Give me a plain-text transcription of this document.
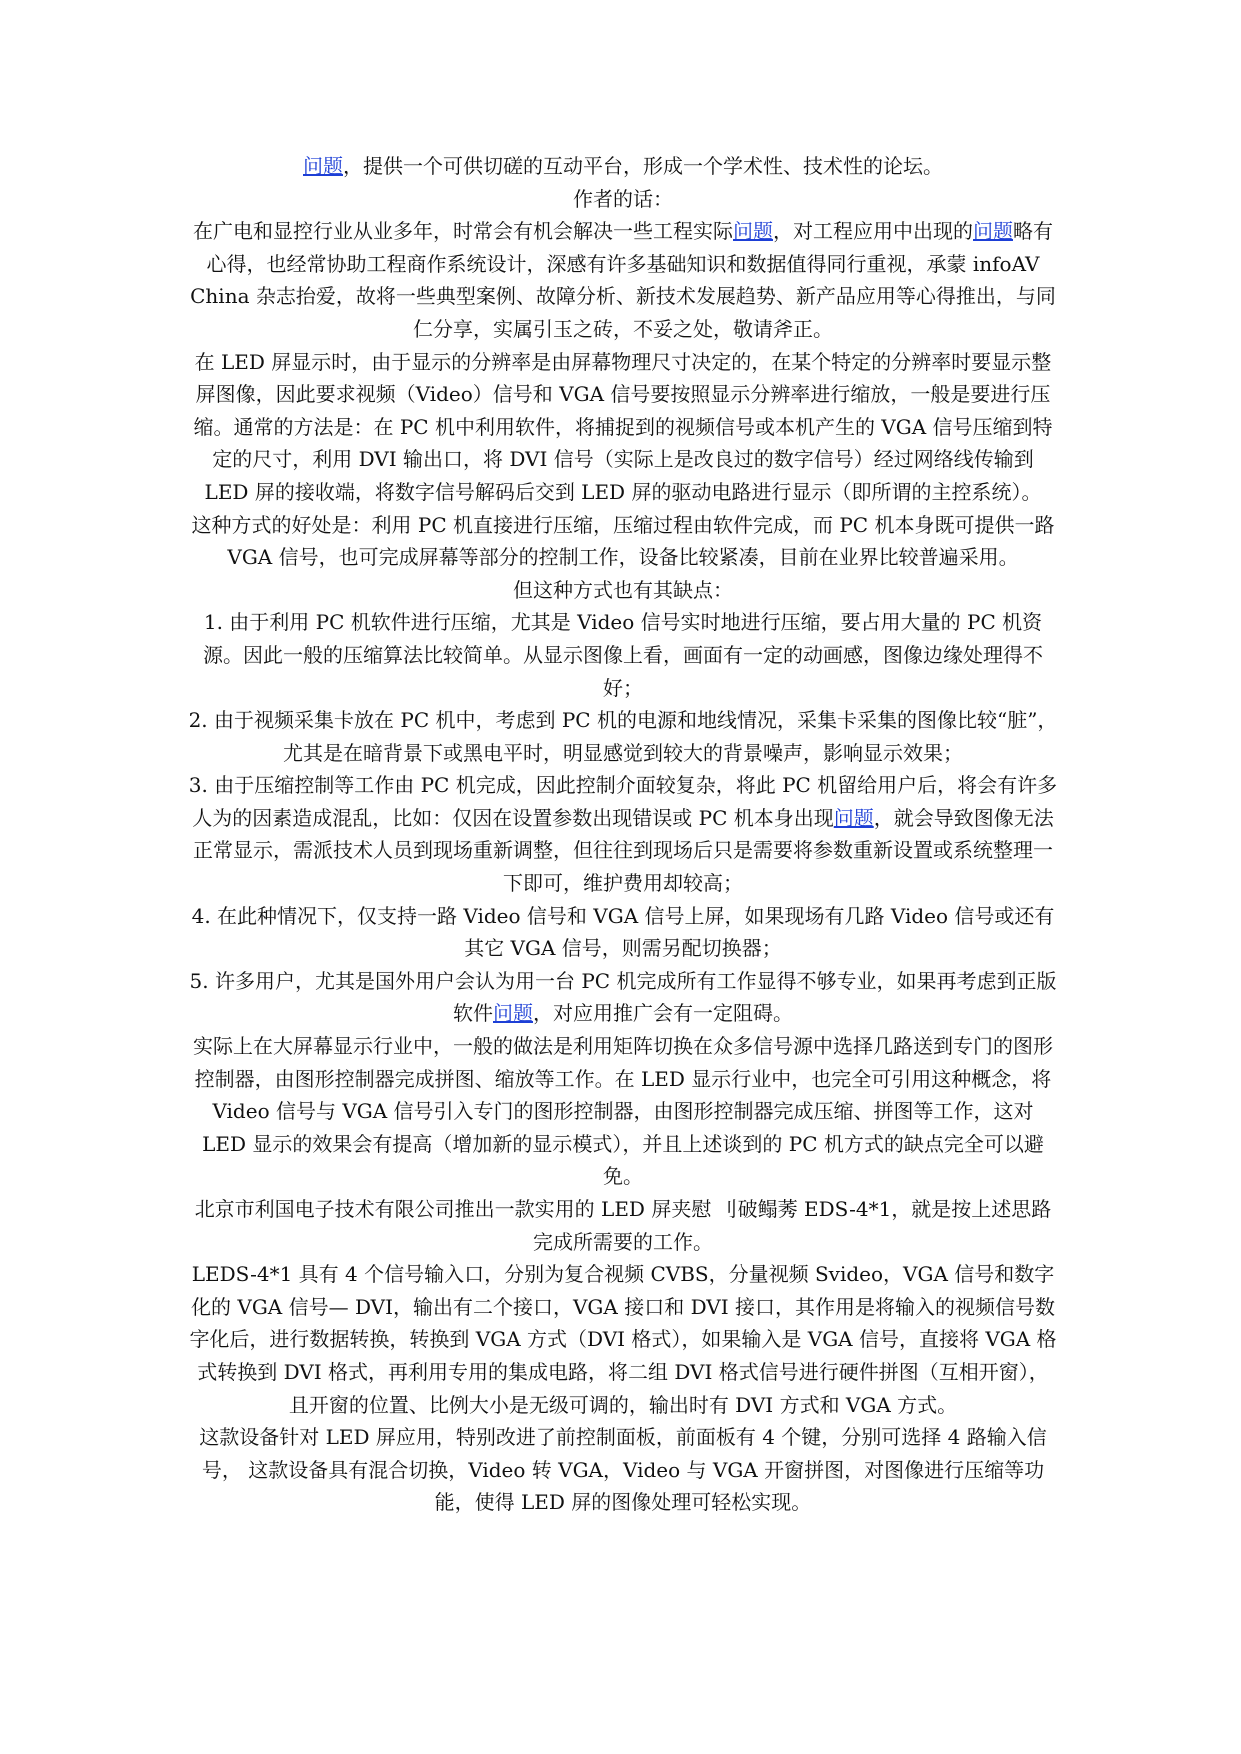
问题，提供一个可供切磋的互动平台，形成一个学术性、技术性的论坛。

作者的话：

在广电和显控行业从业多年，时常会有机会解决一些工程实际问题，对工程应用中出现的问题略有心得，也经常协助工程商作系统设计，深感有许多基础知识和数据值得同行重视，承蒙 infoAV China 杂志抬爱，故将一些典型案例、故障分析、新技术发展趋势、新产品应用等心得推出，与同仁分享，实属引玉之砖，不妥之处，敬请斧正。

在 LED 屏显示时，由于显示的分辨率是由屏幕物理尺寸决定的，在某个特定的分辨率时要显示整屏图像，因此要求视频（Video）信号和 VGA 信号要按照显示分辨率进行缩放，一般是要进行压缩。通常的方法是：在 PC 机中利用软件，将捕捉到的视频信号或本机产生的 VGA 信号压缩到特定的尺寸，利用 DVI 输出口，将 DVI 信号（实际上是改良过的数字信号）经过网络线传输到 LED 屏的接收端，将数字信号解码后交到 LED 屏的驱动电路进行显示（即所谓的主控系统）。

这种方式的好处是：利用 PC 机直接进行压缩，压缩过程由软件完成，而 PC 机本身既可提供一路 VGA 信号，也可完成屏幕等部分的控制工作，设备比较紧凑，目前在业界比较普遍采用。

但这种方式也有其缺点：

1. 由于利用 PC 机软件进行压缩，尤其是 Video 信号实时地进行压缩，要占用大量的 PC 机资源。因此一般的压缩算法比较简单。从显示图像上看，画面有一定的动画感，图像边缘处理得不好；

2. 由于视频采集卡放在 PC 机中，考虑到 PC 机的电源和地线情况，采集卡采集的图像比较“脏”，尤其是在暗背景下或黑电平时，明显感觉到较大的背景噪声，影响显示效果；

3. 由于压缩控制等工作由 PC 机完成，因此控制介面较复杂，将此 PC 机留给用户后，将会有许多人为的因素造成混乱，比如：仅因在设置参数出现错误或 PC 机本身出现问题，就会导致图像无法正常显示，需派技术人员到现场重新调整，但往往到现场后只是需要将参数重新设置或系统整理一下即可，维护费用却较高；

4. 在此种情况下，仅支持一路 Video 信号和 VGA 信号上屏，如果现场有几路 Video 信号或还有其它 VGA 信号，则需另配切换器；

5. 许多用户，尤其是国外用户会认为用一台 PC 机完成所有工作显得不够专业，如果再考虑到正版软件问题，对应用推广会有一定阻碍。

实际上在大屏幕显示行业中，一般的做法是利用矩阵切换在众多信号源中选择几路送到专门的图形控制器，由图形控制器完成拼图、缩放等工作。在 LED 显示行业中，也完全可引用这种概念，将 Video 信号与 VGA 信号引入专门的图形控制器，由图形控制器完成压缩、拼图等工作，这对 LED 显示的效果会有提高（增加新的显示模式），并且上述谈到的 PC 机方式的缺点完全可以避免。

北京市利国电子技术有限公司推出一款实用的 LED 屏夹慰 刂破鳎莠 EDS-4*1，就是按上述思路完成所需要的工作。

LEDS-4*1 具有 4 个信号输入口，分别为复合视频 CVBS，分量视频 Svideo，VGA 信号和数字化的 VGA 信号— DVI，输出有二个接口，VGA 接口和 DVI 接口，其作用是将输入的视频信号数字化后，进行数据转换，转换到 VGA 方式（DVI 格式），如果输入是 VGA 信号，直接将 VGA 格式转换到 DVI 格式，再利用专用的集成电路，将二组 DVI 格式信号进行硬件拼图（互相开窗），且开窗的位置、比例大小是无级可调的，输出时有 DVI 方式和 VGA 方式。

这款设备针对 LED 屏应用，特别改进了前控制面板，前面板有 4 个键，分别可选择 4 路输入信号， 这款设备具有混合切换，Video 转 VGA，Video 与 VGA 开窗拼图，对图像进行压缩等功能，使得 LED 屏的图像处理可轻松实现。
